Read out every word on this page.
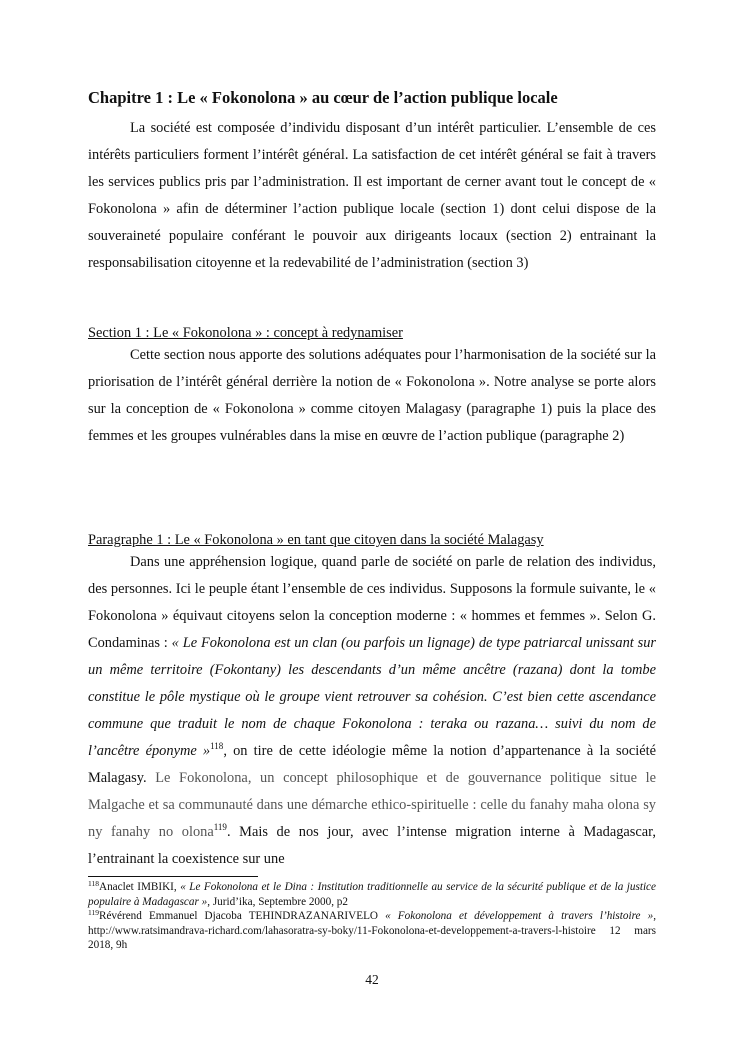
Chapitre 1 : Le « Fokonolona » au cœur de l’action publique locale

La société est composée d’individu disposant d’un intérêt particulier. L’ensemble de ces intérêts particuliers forment l’intérêt général. La satisfaction de cet intérêt général se fait à travers les services publics pris par l’administration. Il est important de cerner avant tout le concept de « Fokonolona » afin de déterminer l’action publique locale (section 1) dont celui dispose de la souveraineté populaire conférant le pouvoir aux dirigeants locaux (section 2) entrainant la responsabilisation citoyenne et la redevabilité de l’administration (section 3)

Section 1 : Le « Fokonolona » : concept à redynamiser

Cette section nous apporte des solutions adéquates pour l’harmonisation de la société sur la priorisation de l’intérêt général derrière la notion de « Fokonolona ». Notre analyse se porte alors sur la conception de « Fokonolona » comme citoyen Malagasy (paragraphe 1) puis la place des femmes et les groupes vulnérables dans la mise en œuvre de l’action publique (paragraphe 2)

Paragraphe 1 : Le « Fokonolona » en tant que citoyen dans la société Malagasy

Dans une appréhension logique, quand parle de société on parle de relation des individus, des personnes. Ici le peuple étant l’ensemble de ces individus. Supposons la formule suivante, le « Fokonolona » équivaut citoyens selon la conception moderne : « hommes et femmes ». Selon G. Condaminas : « Le Fokonolona est un clan (ou parfois un lignage) de type patriarcal unissant sur un même territoire (Fokontany) les descendants d’un même ancêtre (razana) dont la tombe constitue le pôle mystique où le groupe vient retrouver sa cohésion. C’est bien cette ascendance commune que traduit le nom de chaque Fokonolona : teraka ou razana… suivi du nom de l’ancêtre éponyme »$^{118}$, on tire de cette idéologie même la notion d’appartenance à la société Malagasy. Le Fokonolona, un concept philosophique et de gouvernance politique situe le Malgache et sa communauté dans une démarche ethico-spirituelle : celle du fanahy maha olona sy ny fanahy no olona$^{119}$. Mais de nos jour, avec l’intense migration interne à Madagascar, l’entrainant la coexistence sur une

$^{118}$Anaclet IMBIKI, « Le Fokonolona et le Dina : Institution traditionnelle au service de la sécurité publique et de la justice populaire à Madagascar », Jurid’ika, Septembre 2000, p2

$^{119}$Révérend Emmanuel Djacoba TEHINDRAZANARIVELO « Fokonolona et développement à travers l’histoire », http://www.ratsimandrava-richard.com/lahasoratra-sy-boky/11-Fokonolona-et-developpement-a-travers-l-histoire 12 mars 2018, 9h

42
